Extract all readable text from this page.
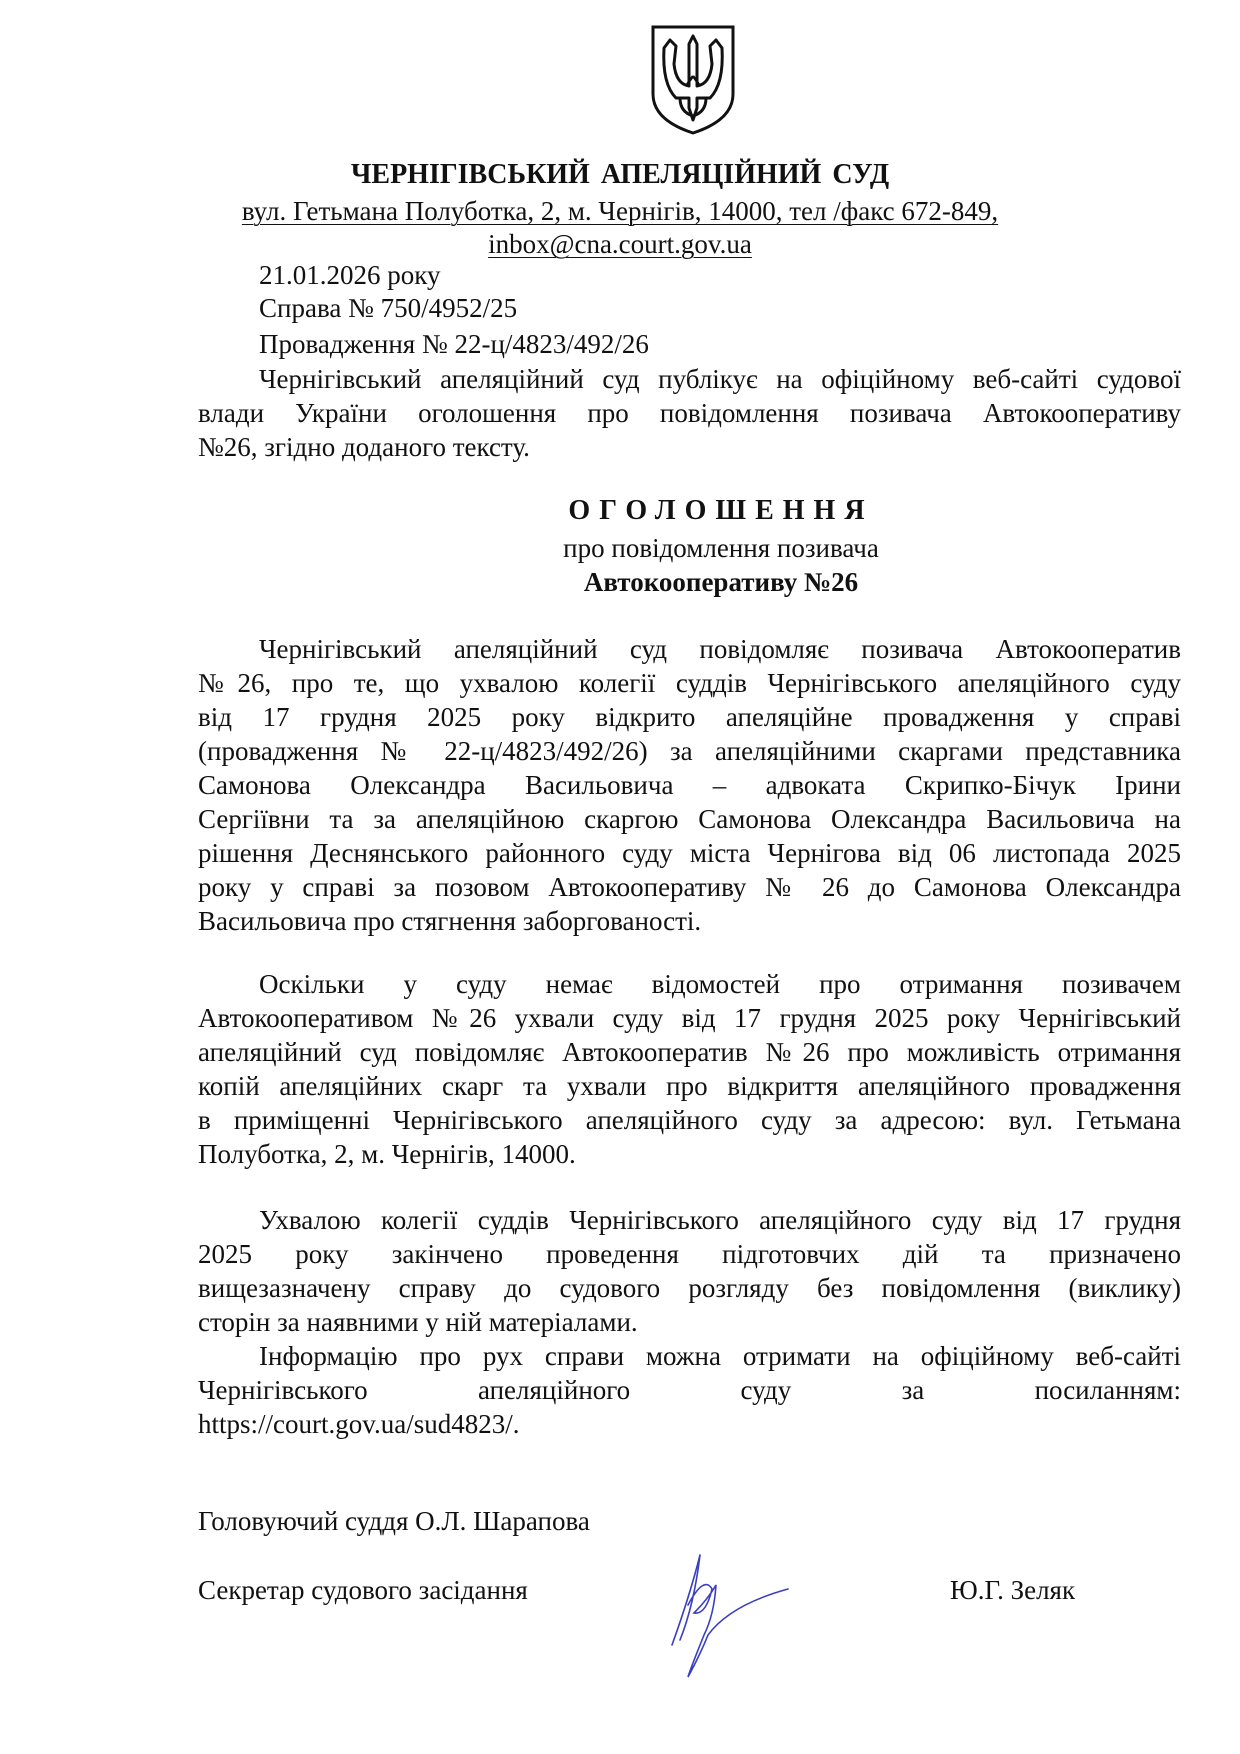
ЧЕРНІГІВСЬКИЙ АПЕЛЯЦІЙНИЙ СУД
вул. Гетьмана Полуботка, 2, м. Чернігів, 14000, тел /факс 672-849,
inbox@cna.court.gov.ua
21.01.2026 року
Справа № 750/4952/25
Провадження № 22-ц/4823/492/26
Чернігівський апеляційний суд публікує на офіційному веб-сайті судової
влади України оголошення про повідомлення позивача Автокооперативу
№26, згідно доданого тексту.
ОГОЛОШЕННЯ
про повідомлення позивача
Автокооперативу №26
Чернігівський апеляційний суд повідомляє позивача Автокооператив
№26, про те, що ухвалою колегії суддів Чернігівського апеляційного суду
від 17 грудня 2025 року відкрито апеляційне провадження у справі
(провадження № 22-ц/4823/492/26) за апеляційними скаргами представника
Самонова Олександра Васильовича – адвоката Скрипко-Бічук Ірини
Сергіївни та за апеляційною скаргою Самонова Олександра Васильовича на
рішення Деснянського районного суду міста Чернігова від 06 листопада 2025
року у справі за позовом Автокооперативу № 26 до Самонова Олександра
Васильовича про стягнення заборгованості.
Оскільки у суду немає відомостей про отримання позивачем
Автокооперативом №26 ухвали суду від 17 грудня 2025 року Чернігівський
апеляційний суд повідомляє Автокооператив №26 про можливість отримання
копій апеляційних скарг та ухвали про відкриття апеляційного провадження
в приміщенні Чернігівського апеляційного суду за адресою: вул. Гетьмана
Полуботка, 2, м. Чернігів, 14000.
Ухвалою колегії суддів Чернігівського апеляційного суду від 17 грудня
2025 року закінчено проведення підготовчих дій та призначено
вищезазначену справу до судового розгляду без повідомлення (виклику)
сторін за наявними у ній матеріалами.
Інформацію про рух справи можна отримати на офіційному веб-сайті
Чернігівського апеляційного суду за посиланням:
https://court.gov.ua/sud4823/.
Головуючий суддя О.Л. Шарапова
Секретар судового засідання	Ю.Г. Зеляк
